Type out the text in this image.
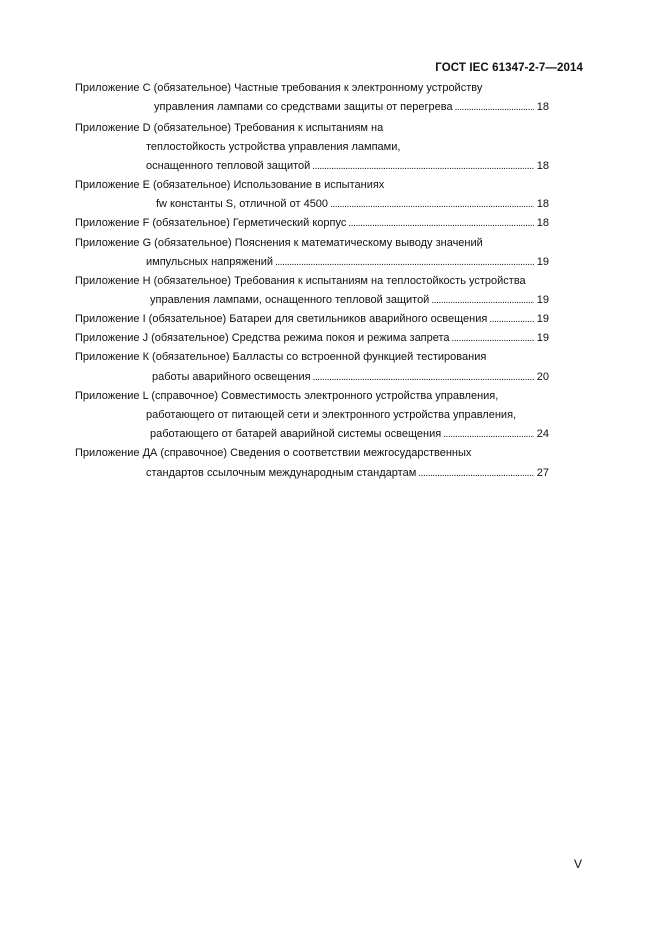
ГОСТ IEC 61347-2-7—2014
Приложение С (обязательное) Частные требования к электронному устройству
управления лампами со средствами защиты от перегрева . . .	18
Приложение D (обязательное) Требования к испытаниям на
теплостойкость устройства управления лампами,
оснащенного тепловой защитой . . .	18
Приложение Е (обязательное) Использование в испытаниях
fw константы S, отличной от 4500 . . .	18
Приложение F (обязательное) Герметический корпус . . .	18
Приложение G (обязательное) Пояснения к математическому выводу значений
импульсных напряжений . . .	19
Приложение Н (обязательное) Требования к испытаниям на теплостойкость устройства
управления лампами, оснащенного тепловой защитой . . .	19
Приложение I (обязательное) Батареи для светильников аварийного освещения . . .	19
Приложение J (обязательное) Средства режима покоя и режима запрета . . .	19
Приложение К (обязательное) Балласты со встроенной функцией тестирования
работы аварийного освещения . . .	20
Приложение L (справочное) Совместимость электронного устройства управления,
работающего от питающей сети и электронного устройства управления,
работающего от батарей аварийной системы освещения . . .	24
Приложение ДА (справочное) Сведения о соответствии межгосударственных
стандартов ссылочным международным стандартам . . .	27
V
